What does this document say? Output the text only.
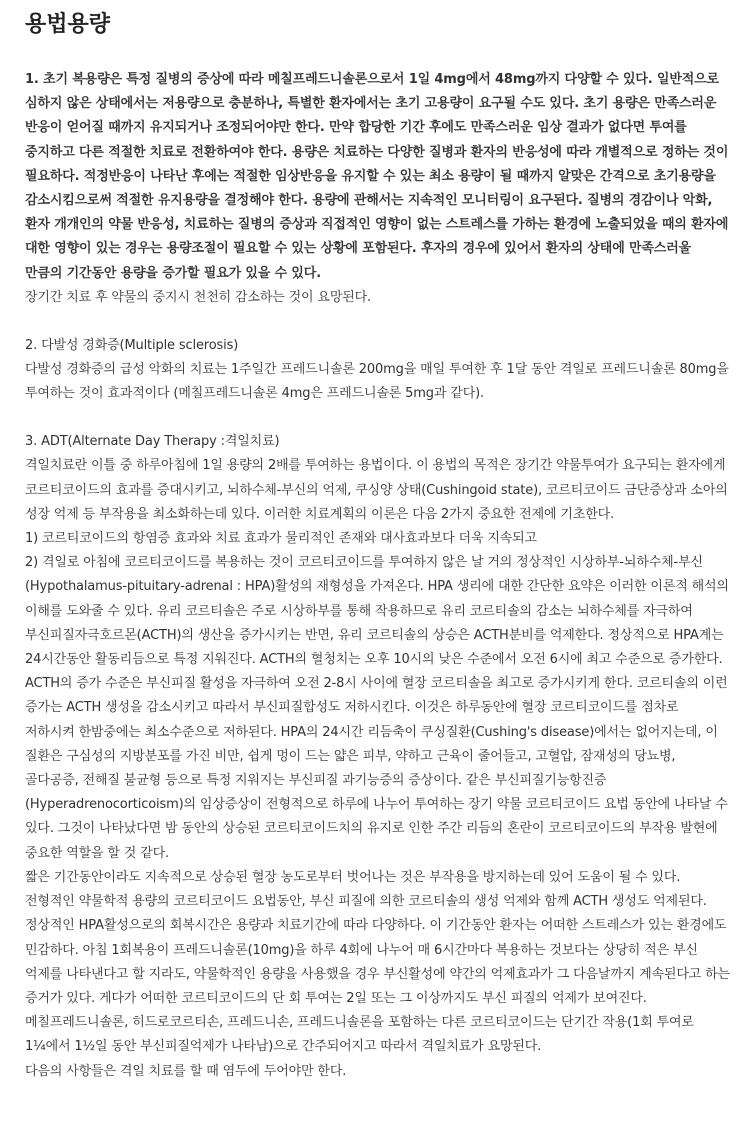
용법용량

1. 초기 복용량은 특정 질병의 증상에 따라 메칠프레드니솔론으로서 1일 4mg에서 48mg까지 다양할 수 있다. 일반적으로 심하지 않은 상태에서는 저용량으로 충분하나, 특별한 환자에서는 초기 고용량이 요구될 수도 있다. 초기 용량은 만족스러운 반응이 얻어질 때까지 유지되거나 조정되어야만 한다. 만약 합당한 기간 후에도 만족스러운 임상 결과가 없다면 투여를 중지하고 다른 적절한 치료로 전환하여야 한다. 용량은 치료하는 다양한 질병과 환자의 반응성에 따라 개별적으로 정하는 것이 필요하다. 적정반응이 나타난 후에는 적절한 임상반응을 유지할 수 있는 최소 용량이 될 때까지 알맞은 간격으로 초기용량을 감소시킴으로써 적절한 유지용량을 결정해야 한다. 용량에 관해서는 지속적인 모니터링이 요구된다. 질병의 경감이나 악화, 환자 개개인의 약물 반응성, 치료하는 질병의 증상과 직접적인 영향이 없는 스트레스를 가하는 환경에 노출되었을 때의 환자에 대한 영향이 있는 경우는 용량조절이 필요할 수 있는 상황에 포함된다. 후자의 경우에 있어서 환자의 상태에 만족스러울 만큼의 기간동안 용량을 증가할 필요가 있을 수 있다.

장기간 치료 후 약물의 중지시 천천히 감소하는 것이 요망된다.

2. 다발성 경화증(Multiple sclerosis)

다발성 경화증의 급성 악화의 치료는 1주일간 프레드니솔론 200mg을 매일 투여한 후 1달 동안 격일로 프레드니솔론 80mg을 투여하는 것이 효과적이다 (메칠프레드니솔론 4mg은 프레드니솔론 5mg과 같다).

3. ADT(Alternate Day Therapy :격일치료)

격일치료란 이틀 중 하루아침에 1일 용량의 2배를 투여하는 용법이다. 이 용법의 목적은 장기간 약물투여가 요구되는 환자에게 코르티코이드의 효과를 증대시키고, 뇌하수체-부신의 억제, 쿠싱양 상태(Cushingoid state), 코르티코이드 금단증상과 소아의 성장 억제 등 부작용을 최소화하는데 있다. 이러한 치료계획의 이론은 다음 2가지 중요한 전제에 기초한다.

1) 코르티코이드의 항염증 효과와 치료 효과가 물리적인 존재와 대사효과보다 더욱 지속되고

2) 격일로 아침에 코르티코이드를 복용하는 것이 코르티코이드를 투여하지 않은 날 거의 정상적인 시상하부-뇌하수체-부신(Hypothalamus-pituitary-adrenal : HPA)활성의 재형성을 가져온다. HPA 생리에 대한 간단한 요약은 이러한 이론적 해석의 이해를 도와줄 수 있다. 유리 코르티솔은 주로 시상하부를 통해 작용하므로 유리 코르티솔의 감소는 뇌하수체를 자극하여 부신피질자극호르몬(ACTH)의 생산을 증가시키는 반면, 유리 코르티솔의 상승은 ACTH분비를 억제한다. 정상적으로 HPA계는 24시간동안 활동리듬으로 특정 지워진다. ACTH의 혈청치는 오후 10시의 낮은 수준에서 오전 6시에 최고 수준으로 증가한다. ACTH의 증가 수준은 부신피질 활성을 자극하여 오전 2-8시 사이에 혈장 코르티솔을 최고로 증가시키게 한다. 코르티솔의 이런 증가는 ACTH 생성을 감소시키고 따라서 부신피질합성도 저하시킨다. 이것은 하루동안에 혈장 코르티코이드를 점차로 저하시켜 한밤중에는 최소수준으로 저하된다. HPA의 24시간 리듬축이 쿠싱질환(Cushing's disease)에서는 없어지는데, 이 질환은 구심성의 지방분포를 가진 비만, 쉽게 멍이 드는 얇은 피부, 약하고 근육이 줄어들고, 고혈압, 잠재성의 당뇨병, 골다공증, 전해질 불균형 등으로 특정 지워지는 부신피질 과기능증의 증상이다. 같은 부신피질기능항진증(Hyperadrenocorticoism)의 임상증상이 전형적으로 하루에 나누어 투여하는 장기 약물 코르티코이드 요법 동안에 나타날 수 있다. 그것이 나타났다면 밤 동안의 상승된 코르티코이드치의 유지로 인한 주간 리듬의 혼란이 코르티코이드의 부작용 발현에 중요한 역할을 할 것 같다.

짧은 기간동안이라도 지속적으로 상승된 혈장 농도로부터 벗어나는 것은 부작용을 방지하는데 있어 도움이 될 수 있다. 전형적인 약물학적 용량의 코르티코이드 요법동안, 부신 피질에 의한 코르티솔의 생성 억제와 함께 ACTH 생성도 억제된다. 정상적인 HPA활성으로의 회복시간은 용량과 치료기간에 따라 다양하다. 이 기간동안 환자는 어떠한 스트레스가 있는 환경에도 민감하다. 아침 1회복용이 프레드니솔론(10mg)을 하루 4회에 나누어 매 6시간마다 복용하는 것보다는 상당히 적은 부신 억제를 나타낸다고 할 지라도, 약물학적인 용량을 사용했을 경우 부신활성에 약간의 억제효과가 그 다음날까지 계속된다고 하는 증거가 있다. 게다가 어떠한 코르티코이드의 단 회 투여는 2일 또는 그 이상까지도 부신 피질의 억제가 보여진다. 메칠프레드니솔론, 히드로코르티손, 프레드니손, 프레드니솔론을 포함하는 다른 코르티코이드는 단기간 작용(1회 투여로 1¼에서 1½일 동안 부신피질억제가 나타남)으로 간주되어지고 따라서 격일치료가 요망된다.

다음의 사항들은 격일 치료를 할 때 염두에 두어야만 한다.
